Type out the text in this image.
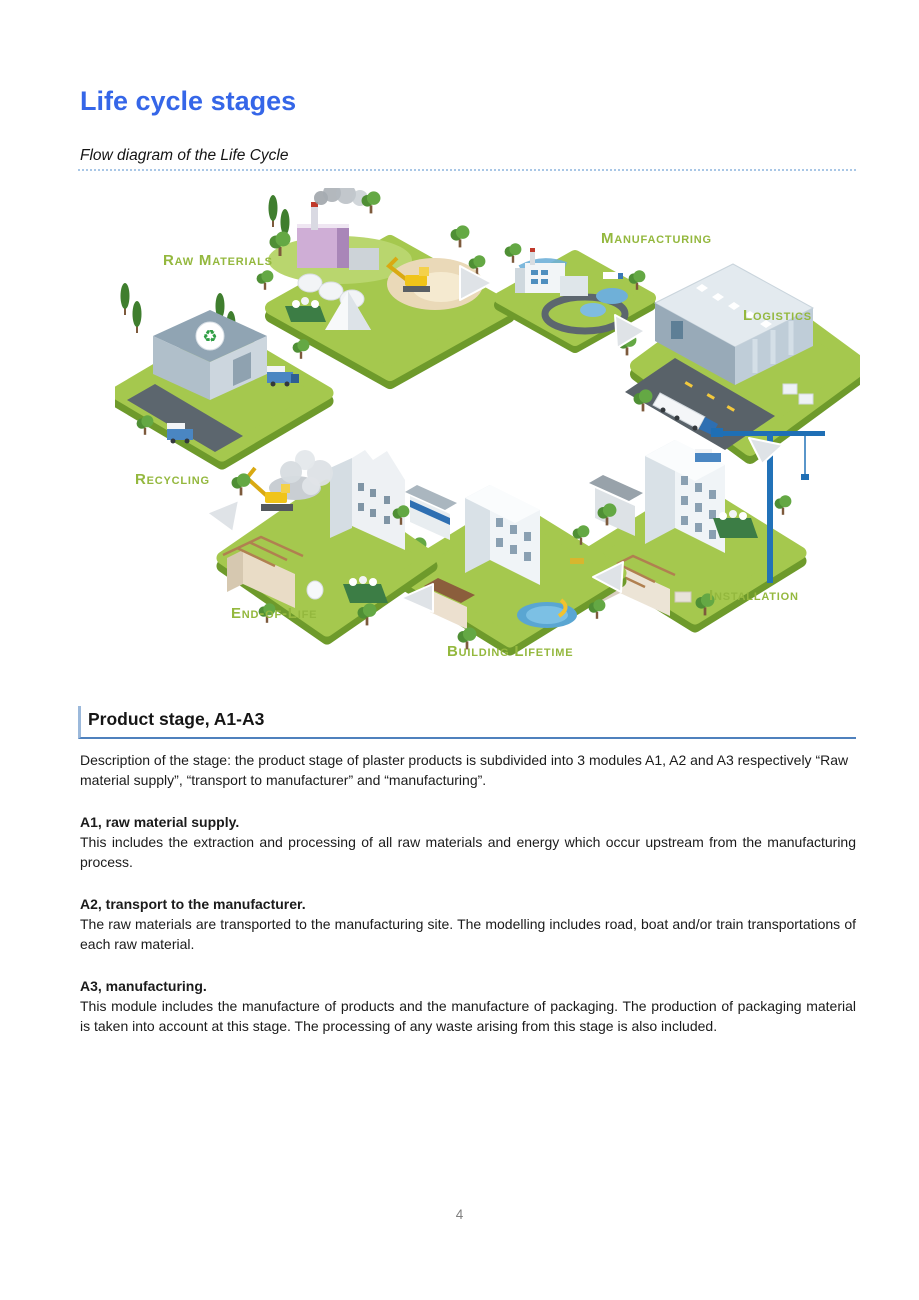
Life cycle stages
Flow diagram of the Life Cycle
♻
Raw Materials
Manufacturing
Logistics
Installation
Building Lifetime
End-of-Life
Recycling
Product stage, A1-A3

Description of the stage: the product stage of plaster products is subdivided into 3 modules A1, A2 and A3 respectively “Raw material supply”, “transport to manufacturer” and “manufacturing”.

A1, raw material supply.

This includes the extraction and processing of all raw materials and energy which occur upstream from the manufacturing process.

A2, transport to the manufacturer.

The raw materials are transported to the manufacturing site. The modelling includes road, boat and/or train transportations of each raw material.

A3, manufacturing.

This module includes the manufacture of products and the manufacture of packaging. The production of packaging material is taken into account at this stage. The processing of any waste arising from this stage is also included.

4
